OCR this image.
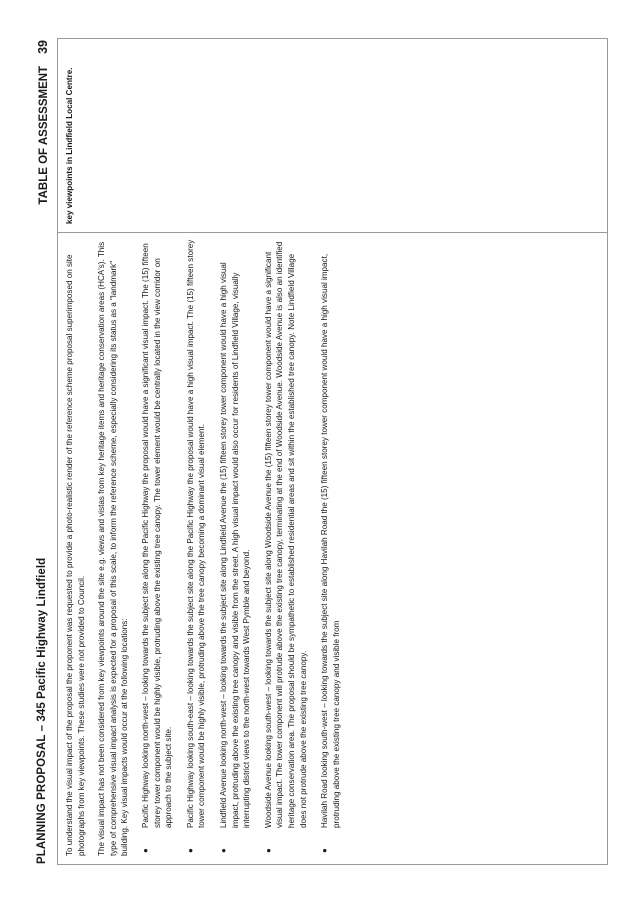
PLANNING PROPOSAL – 345 Pacific Highway Lindfield
TABLE OF ASSESSMENT39

To understand the visual impact of the proposal the proponent was requested to provide a photo-realistic render of the reference scheme proposal superimposed on site photographs from key viewpoints. These studies were not provided to Council. The visual impact has not been considered from key viewpoints around the site e.g. views and vistas from key heritage items and heritage conservation areas (HCA's). This type of comprehensive visual impact analysis is expected for a proposal of this scale, to inform the reference scheme, especially considering its status as a "landmark" building. Key visual impacts would occur at the following locations: ●
Pacific Highway looking north-west – looking towards the subject site along the Pacific Highway the proposal would have a significant visual impact. The (15) fifteen storey tower component would be highly visible, protruding above the existing tree canopy. The tower element would be centrally located in the view corridor on approach to the subject site.
●
Pacific Highway looking south-east – looking towards the subject site along the Pacific Highway the proposal would have a high visual impact. The (15) fifteen storey tower component would be highly visible, protruding above the tree canopy becoming a dominant visual element.
●
Lindfield Avenue looking north-west – looking towards the subject site along Lindfield Avenue the (15) fifteen storey tower component would have a high visual impact, protruding above the existing tree canopy and visible from the street. A high visual impact would also occur for residents of Lindfield Village, visually interrupting district views to the north-west towards West Pymble and beyond.
●
Woodside Avenue looking south-west – looking towards the subject site along Woodside Avenue the (15) fifteen storey tower component would have a significant visual impact. The tower component will protrude above the existing tree canopy, terminating at the end of Woodside Avenue. Woodside Avenue is also an identified heritage conservation area. The proposal should be sympathetic to established residential areas and sit within the established tree canopy. Note Lindfield Village does not protrude above the existing tree canopy.
●
Havilah Road looking south-west – looking towards the subject site along Havilah Road the (15) fifteen storey tower component would have a high visual impact, protruding above the existing tree canopy and visible from
	key viewpoints in Lindfield Local Centre.
